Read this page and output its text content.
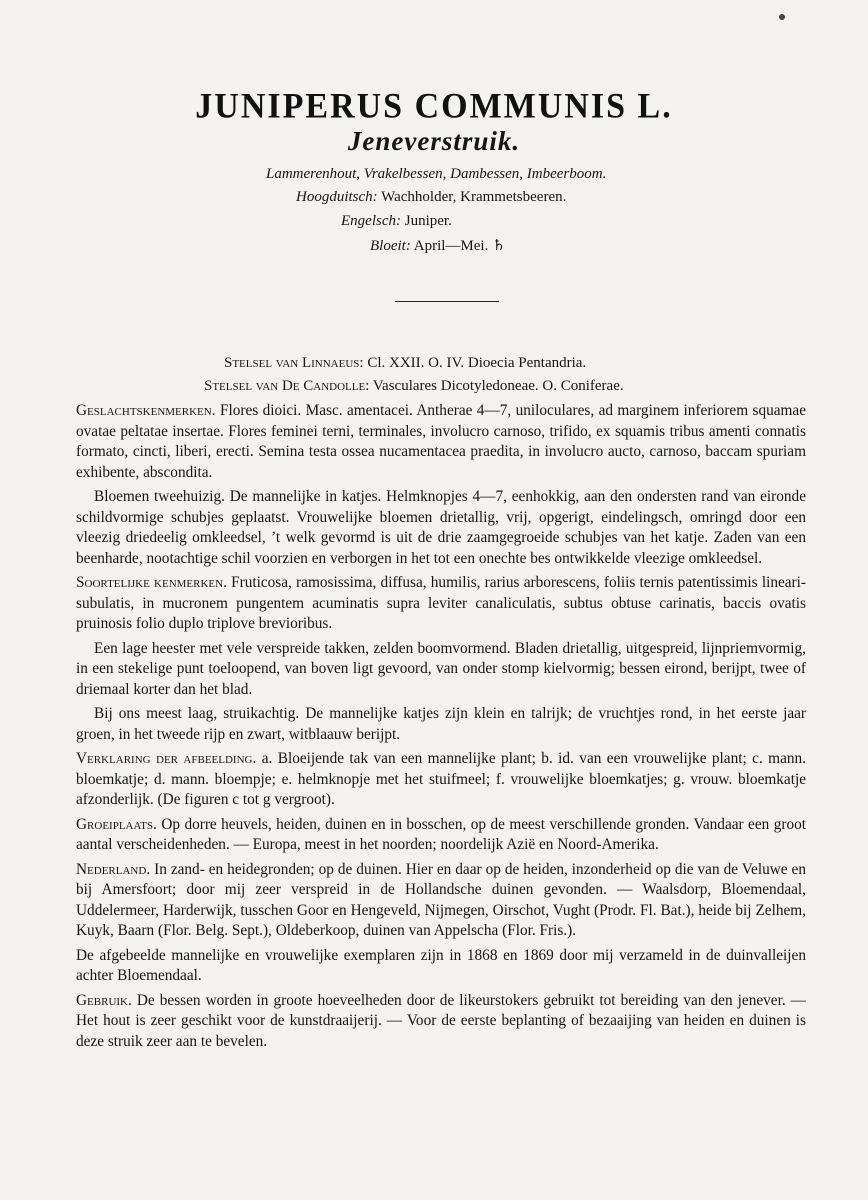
JUNIPERUS COMMUNIS L.
Jeneverstruik.
Lammerenhout, Vrakelbessen, Dambessen, Imbeerboom.
Hoogduitsch: Wachholder, Krammetsbeeren.
Engelsch: Juniper.
Bloeit: April—Mei. ♄
Stelsel van Linnaeus: Cl. XXII. O. IV. Dioecia Pentandria.
Stelsel van De Candolle: Vasculares Dicotyledoneae. O. Coniferae.

Geslachtskenmerken. Flores dioici. Masc. amentacei. Antherae 4—7, uniloculares, ad marginem inferiorem squamae ovatae peltatae insertae. Flores feminei terni, terminales, involucro carnoso, trifido, ex squamis tribus amenti connatis formato, cincti, liberi, erecti. Semina testa ossea nucamentacea praedita, in involucro aucto, carnoso, baccam spuriam exhibente, abscondita.

Bloemen tweehuizig. De mannelijke in katjes. Helmknopjes 4—7, eenhokkig, aan den ondersten rand van eironde schildvormige schubjes geplaatst. Vrouwelijke bloemen drietallig, vrij, opgerigt, eindelingsch, omringd door een vleezig driedeelig omkleedsel, ’t welk gevormd is uit de drie zaamgegroeide schubjes van het katje. Zaden van een beenharde, nootachtige schil voorzien en verborgen in het tot een onechte bes ontwikkelde vleezige omkleedsel.

Soortelijke kenmerken. Fruticosa, ramosissima, diffusa, humilis, rarius arborescens, foliis ternis patentissimis lineari-subulatis, in mucronem pungentem acuminatis supra leviter canaliculatis, subtus obtuse carinatis, baccis ovatis pruinosis folio duplo triplove brevioribus.

Een lage heester met vele verspreide takken, zelden boomvormend. Bladen drietallig, uitgespreid, lijnpriemvormig, in een stekelige punt toeloopend, van boven ligt gevoord, van onder stomp kielvormig; bessen eirond, berijpt, twee of driemaal korter dan het blad.

Bij ons meest laag, struikachtig. De mannelijke katjes zijn klein en talrijk; de vruchtjes rond, in het eerste jaar groen, in het tweede rijp en zwart, witblaauw berijpt.

Verklaring der afbeelding. a. Bloeijende tak van een mannelijke plant; b. id. van een vrouwelijke plant; c. mann. bloemkatje; d. mann. bloempje; e. helmknopje met het stuifmeel; f. vrouwelijke bloemkatjes; g. vrouw. bloemkatje afzonderlijk. (De figuren c tot g vergroot).

Groeiplaats. Op dorre heuvels, heiden, duinen en in bosschen, op de meest verschillende gronden. Vandaar een groot aantal verscheidenheden. — Europa, meest in het noorden; noordelijk Azië en Noord-Amerika.

Nederland. In zand- en heidegronden; op de duinen. Hier en daar op de heiden, inzonderheid op die van de Veluwe en bij Amersfoort; door mij zeer verspreid in de Hollandsche duinen gevonden. — Waalsdorp, Bloemendaal, Uddelermeer, Harderwijk, tusschen Goor en Hengeveld, Nijmegen, Oirschot, Vught (Prodr. Fl. Bat.), heide bij Zelhem, Kuyk, Baarn (Flor. Belg. Sept.), Oldeberkoop, duinen van Appelscha (Flor. Fris.).

De afgebeelde mannelijke en vrouwelijke exemplaren zijn in 1868 en 1869 door mij verzameld in de duinvalleijen achter Bloemendaal.

Gebruik. De bessen worden in groote hoeveelheden door de likeurstokers gebruikt tot bereiding van den jenever. — Het hout is zeer geschikt voor de kunstdraaijerij. — Voor de eerste beplanting of bezaaijing van heiden en duinen is deze struik zeer aan te bevelen.
